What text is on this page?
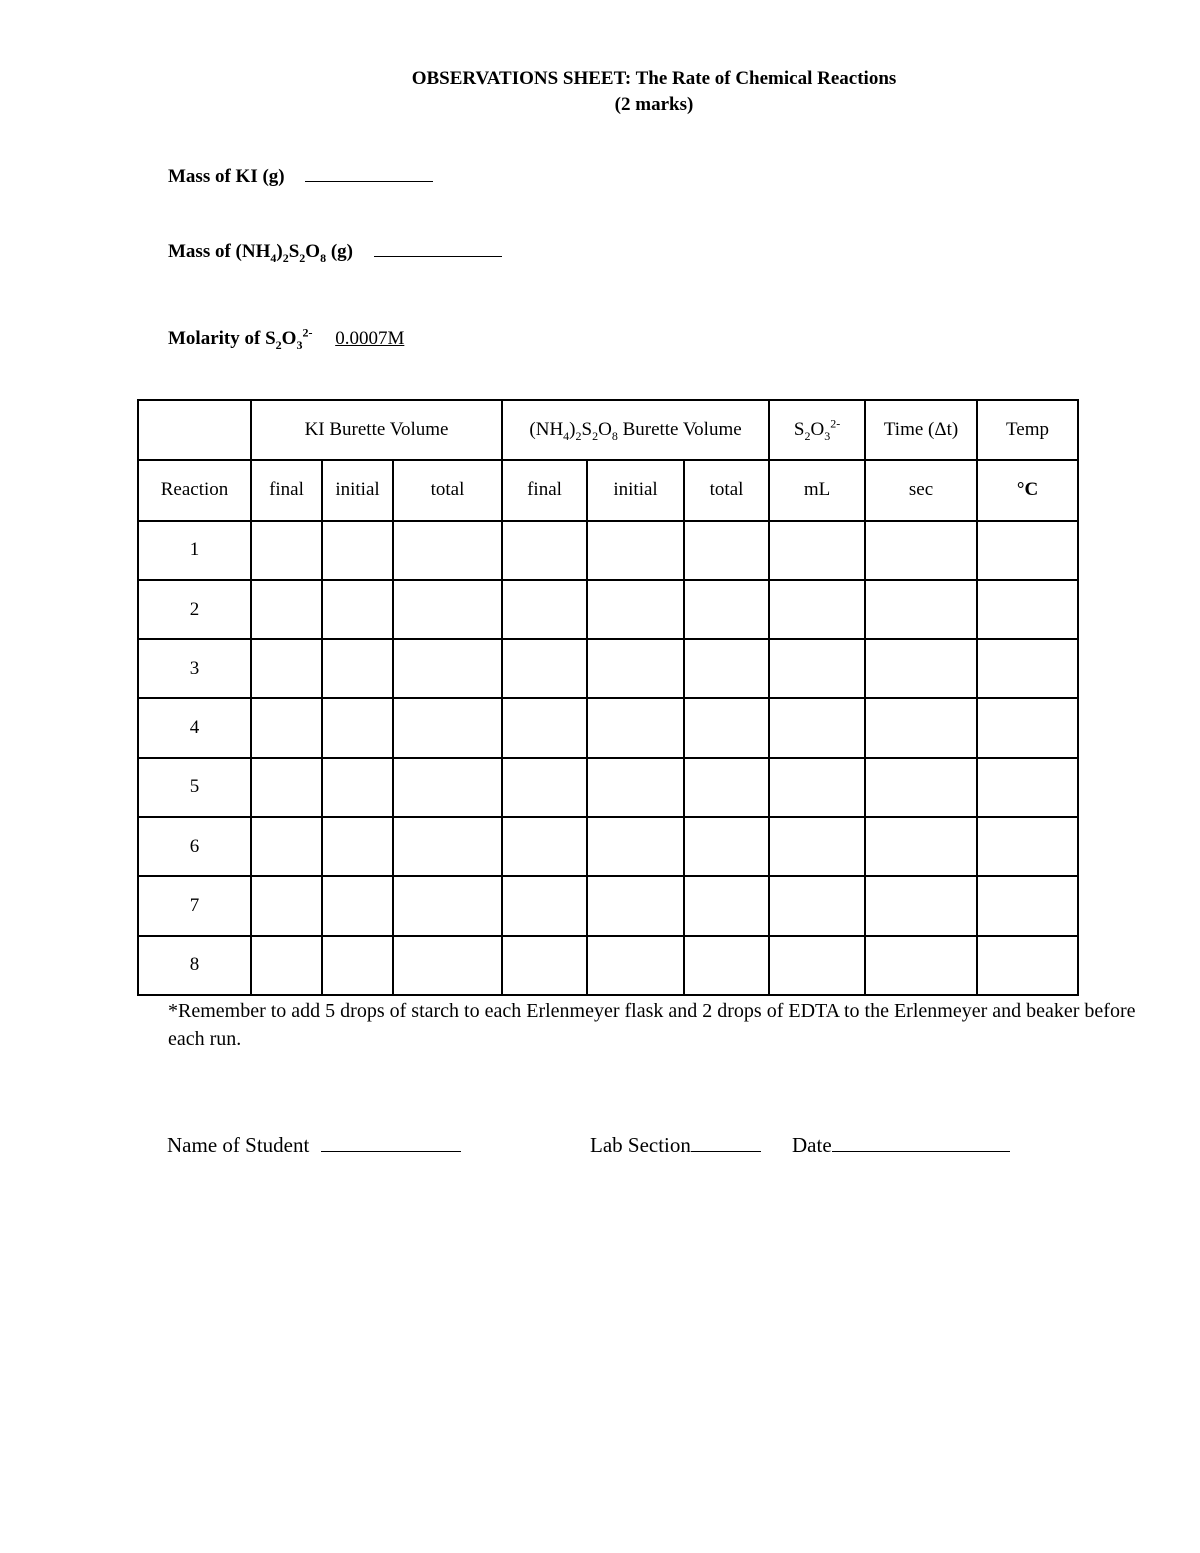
OBSERVATIONS SHEET: The Rate of Chemical Reactions
(2 marks)
Mass of KI (g)
Mass of $(NH_4)_2S_2O_8$ (g)
Molarity of $S_2O_3^{2-}$ 0.0007M
	KI Burette Volume			$(NH_4)_2S_2O_8$ Burette Volume			$S_2O_3^{2-}$	Time (Δt)	Temp
Reaction	final	initial	total	final	initial	total	mL	sec	°C
1									
2									
3									
4									
5									
6									
7									
8									
*Remember to add 5 drops of starch to each Erlenmeyer flask and 2 drops of EDTA to the Erlenmeyer and beaker before each run.
Name of Student	Lab Section	Date
